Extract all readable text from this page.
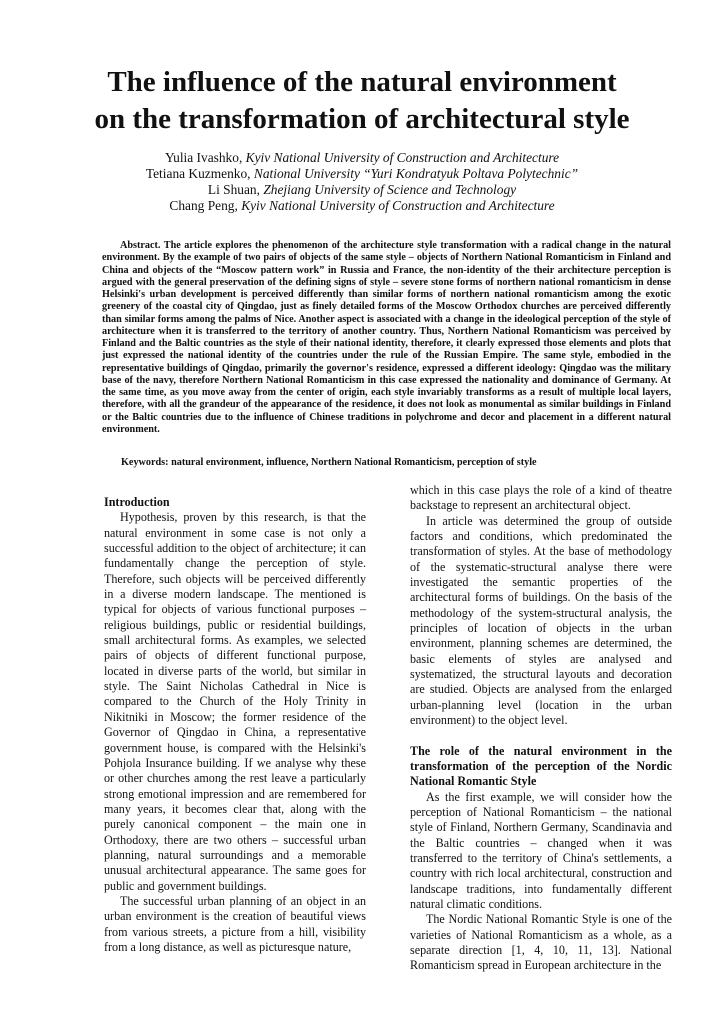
The influence of the natural environment
on the transformation of architectural style
Yulia Ivashko, Kyiv National University of Construction and Architecture
Tetiana Kuzmenko, National University “Yuri Kondratyuk Poltava Polytechnic”
Li Shuan, Zhejiang University of Science and Technology
Chang Peng, Kyiv National University of Construction and Architecture
Abstract. The article explores the phenomenon of the architecture style transformation with a radical change in the natural environment. By the example of two pairs of objects of the same style – objects of Northern National Romanticism in Finland and China and objects of the “Moscow pattern work” in Russia and France, the non-identity of the their architecture perception is argued with the general preservation of the defining signs of style – severe stone forms of northern national romanticism in dense Helsinki's urban development is perceived differently than similar forms of northern national romanticism among the exotic greenery of the coastal city of Qingdao, just as finely detailed forms of the Moscow Orthodox churches are perceived differently than similar forms among the palms of Nice. Another aspect is associated with a change in the ideological perception of the style of architecture when it is transferred to the territory of another country. Thus, Northern National Romanticism was perceived by Finland and the Baltic countries as the style of their national identity, therefore, it clearly expressed those elements and plots that just expressed the national identity of the countries under the rule of the Russian Empire. The same style, embodied in the representative buildings of Qingdao, primarily the governor's residence, expressed a different ideology: Qingdao was the military base of the navy, therefore Northern National Romanticism in this case expressed the nationality and dominance of Germany. At the same time, as you move away from the center of origin, each style invariably transforms as a result of multiple local layers, therefore, with all the grandeur of the appearance of the residence, it does not look as monumental as similar buildings in Finland or the Baltic countries due to the influence of Chinese traditions in polychrome and decor and placement in a different natural environment.
Keywords: natural environment, influence, Northern National Romanticism, perception of style
Introduction

Hypothesis, proven by this research, is that the natural environment in some case is not only a successful addition to the object of architecture; it can fundamentally change the perception of style. Therefore, such objects will be perceived differently in a diverse modern landscape. The mentioned is typical for objects of various functional purposes – religious buildings, public or residential buildings, small architectural forms. As examples, we selected pairs of objects of different functional purpose, located in diverse parts of the world, but similar in style. The Saint Nicholas Cathedral in Nice is compared to the Church of the Holy Trinity in Nikitniki in Moscow; the former residence of the Governor of Qingdao in China, a representative government house, is compared with the Helsinki's Pohjola Insurance building. If we analyse why these or other churches among the rest leave a particularly strong emotional impression and are remembered for many years, it becomes clear that, along with the purely canonical component – the main one in Orthodoxy, there are two others – successful urban planning, natural surroundings and a memorable unusual architectural appearance. The same goes for public and government buildings.

The successful urban planning of an object in an urban environment is the creation of beautiful views from various streets, a picture from a hill, visibility from a long distance, as well as picturesque nature,

which in this case plays the role of a kind of theatre backstage to represent an architectural object.

In article was determined the group of outside factors and conditions, which predominated the transformation of styles. At the base of methodology of the systematic-structural analyse there were investigated the semantic properties of the architectural forms of buildings. On the basis of the methodology of the system-structural analysis, the principles of location of objects in the urban environment, planning schemes are determined, the basic elements of styles are analysed and systematized, the structural layouts and decoration are studied. Objects are analysed from the enlarged urban-planning level (location in the urban environment) to the object level.

The role of the natural environment in the transformation of the perception of the Nordic National Romantic Style

As the first example, we will consider how the perception of National Romanticism – the national style of Finland, Northern Germany, Scandinavia and the Baltic countries – changed when it was transferred to the territory of China's settlements, a country with rich local architectural, construction and landscape traditions, into fundamentally different natural climatic conditions.

The Nordic National Romantic Style is one of the varieties of National Romanticism as a whole, as a separate direction [1, 4, 10, 11, 13]. National Romanticism spread in European architecture in the
